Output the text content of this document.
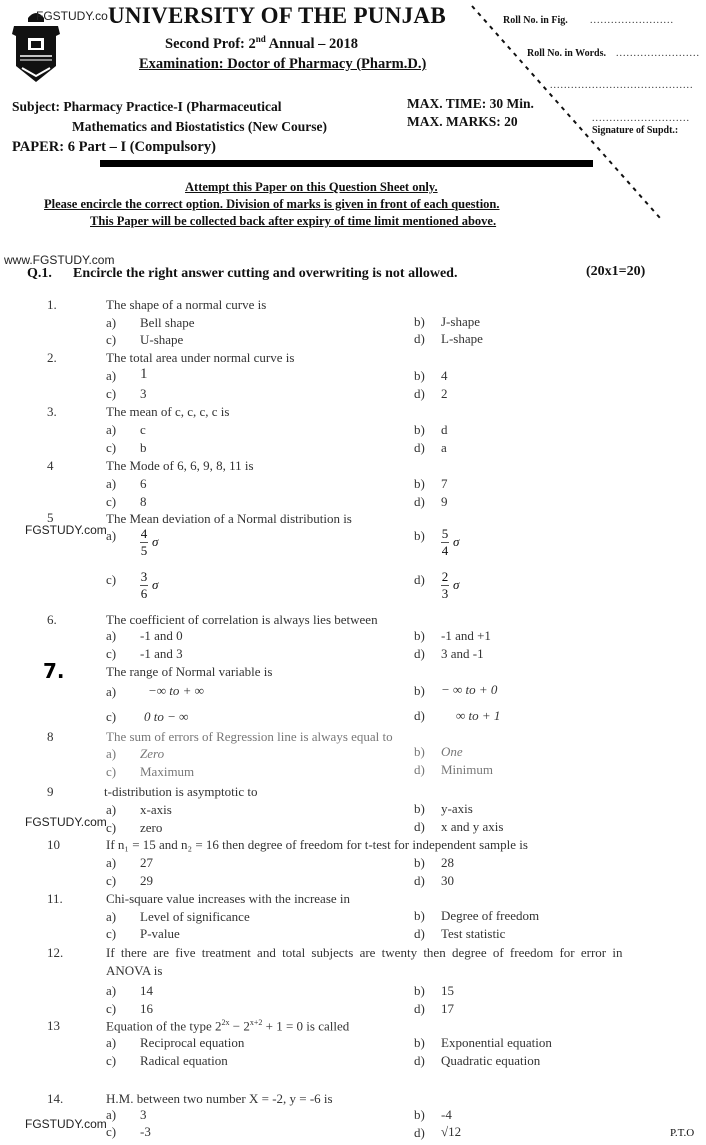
FGSTUDY.co UNIVERSITY OF THE PUNJAB
Second Prof: 2nd Annual – 2018
Examination: Doctor of Pharmacy (Pharm.D.)
Subject: Pharmacy Practice-I (Pharmaceutical
Mathematics and Biostatistics (New Course)
PAPER: 6 Part – I (Compulsory)
MAX. TIME: 30 Min.
MAX. MARKS: 20
Roll No. in Fig. ........................
Roll No. in Words. ........................
.........................................
............................
Signature of Supdt.:
Attempt this Paper on this Question Sheet only.
Please encircle the correct option. Division of marks is given in front of each question.
This Paper will be collected back after expiry of time limit mentioned above.
www.FGSTUDY.com
Q.1. Encircle the right answer cutting and overwriting is not allowed.	(20x1=20)
1.	The shape of a normal curve is
a) Bell shape	b) J-shape
c) U-shape	d) L-shape
2.	The total area under normal curve is
a) 1	b) 4
c) 3	d) 2
3.	The mean of c, c, c, c is
a) c	b) d
c) b	d) a
4	The Mode of 6, 6, 9, 8, 11 is
a) 6	b) 7
c) 8	d) 9
5	The Mean deviation of a Normal distribution is
FGSTUDY.com $a) \frac{4}{5}$ σ	$b) \frac{5}{4}$ σ
$c) \frac{3}{6}$ σ	$d) \frac{2}{3}$ σ
6.	The coefficient of correlation is always lies between
a) -1 and 0	b) -1 and +1
c) -1 and 3	d) 3 and -1
7.	The range of Normal variable is
a) −∞ to + ∞	b) − ∞ to + 0
c) 0 to − ∞	d) ∞ to + 1
8	The sum of errors of Regression line is always equal to
a) Zero	b) One
c) Maximum	d) Minimum
9	t-distribution is asymptotic to
a) x-axis	b) y-axis
FGSTUDY.com c) zero	d) x and y axis
10	If n₁ = 15 and n₂ = 16 then degree of freedom for t-test for independent sample is
a) 27	b) 28
c) 29	d) 30
11.	Chi-square value increases with the increase in
a) Level of significance	b) Degree of freedom
c) P-value	d) Test statistic
12.	If there are five treatment and total subjects are twenty then degree of freedom for error in
ANOVA is
a) 14	b) 15
c) 16	d) 17
13	Equation of the type $2^{2x} - 2^{x+2} + 1 = 0$ is called
a) Reciprocal equation	b) Exponential equation
c) Radical equation	d) Quadratic equation
14.	H.M. between two number X = -2, y = -6 is
a) 3	b) -4
FGSTUDY.com c) -3	d) √12	P.T.O
